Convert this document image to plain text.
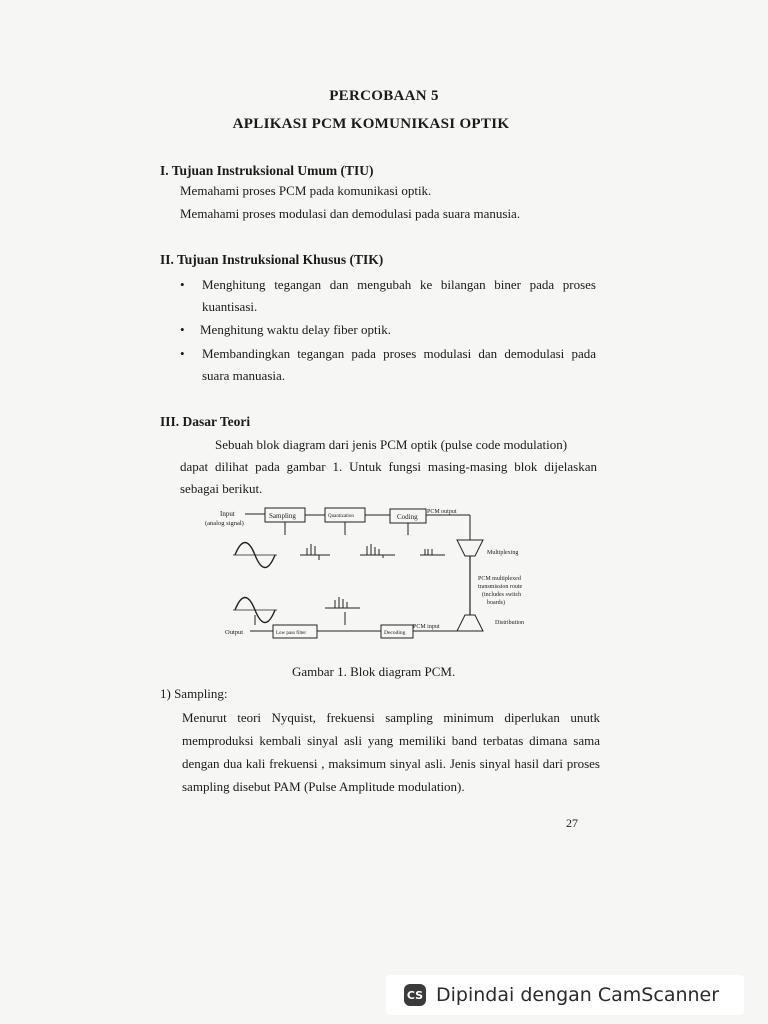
PERCOBAAN 5
APLIKASI PCM KOMUNIKASI OPTIK
I. Tujuan Instruksional Umum (TIU)
Memahami proses PCM pada komunikasi optik.
Memahami proses modulasi dan demodulasi pada suara manusia.
II. Tujuan Instruksional Khusus (TIK)
• Menghitung tegangan dan mengubah ke bilangan biner pada proses kuantisasi.
• Menghitung waktu delay fiber optik.
• Membandingkan tegangan pada proses modulasi dan demodulasi pada suara manuasia.
III. Dasar Teori
Sebuah blok diagram dari jenis PCM optik (pulse code modulation)
dapat dilihat pada gambar 1. Untuk fungsi masing-masing blok dijelaskan sebagai berikut.
Input
(analog signal)
Sampling	Quantization	Coding
PCM output
Multiplexing
PCM multiplexed
transmission route
(includes switch
boards)
Distribution
PCM input
Decoding
Low pass filter
Output
Gambar 1. Blok diagram PCM.
1) Sampling:
Menurut teori Nyquist, frekuensi sampling minimum diperlukan unutk memproduksi kembali sinyal asli yang memiliki band terbatas dimana sama dengan dua kali frekuensi , maksimum sinyal asli. Jenis sinyal hasil dari proses sampling disebut PAM (Pulse Amplitude modulation).
27
CS Dipindai dengan CamScanner
